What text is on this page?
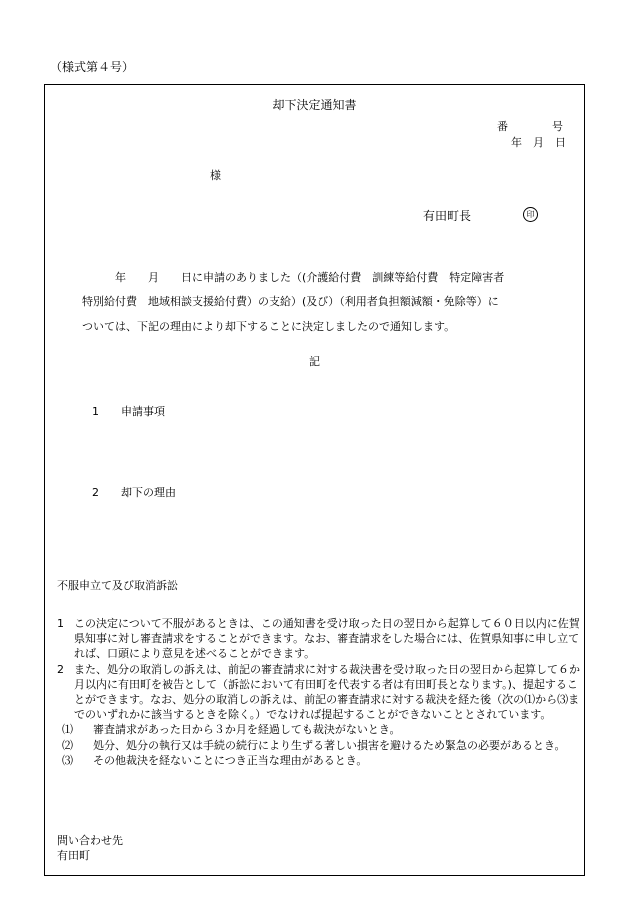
（様式第４号）
却下決定通知書
番　　　　号
年　月　日
様
有田町長	印
年　　月　　日に申請のありました（(介護給付費　訓練等給付費　特定障害者
特別給付費　地域相談支援給付費）の支給）(及び）（利用者負担額減額・免除等）に
ついては、下記の理由により却下することに決定しましたので通知します。
記
1　　 申請事項
2　　 却下の理由
不服申立て及び取消訴訟
1 この決定について不服があるときは、この通知書を受け取った日の翌日から起算して６０日以内に佐賀県知事に対し審査請求をすることができます。なお、審査請求をした場合には、佐賀県知事に申し立てれば、口頭により意見を述べることができます。
2 また、処分の取消しの訴えは、前記の審査請求に対する裁決書を受け取った日の翌日から起算して６か月以内に有田町を被告として（訴訟において有田町を代表する者は有田町長となります。)、提起することができます。なお、処分の取消しの訴えは、前記の審査請求に対する裁決を経た後（次の⑴から⑶までのいずれかに該当するときを除く。）でなければ提起することができないこととされています。
⑴ 審査請求があった日から３か月を経過しても裁決がないとき。
⑵ 処分、処分の執行又は手続の続行により生ずる著しい損害を避けるため緊急の必要があるとき。
⑶ その他裁決を経ないことにつき正当な理由があるとき。
問い合わせ先
有田町
